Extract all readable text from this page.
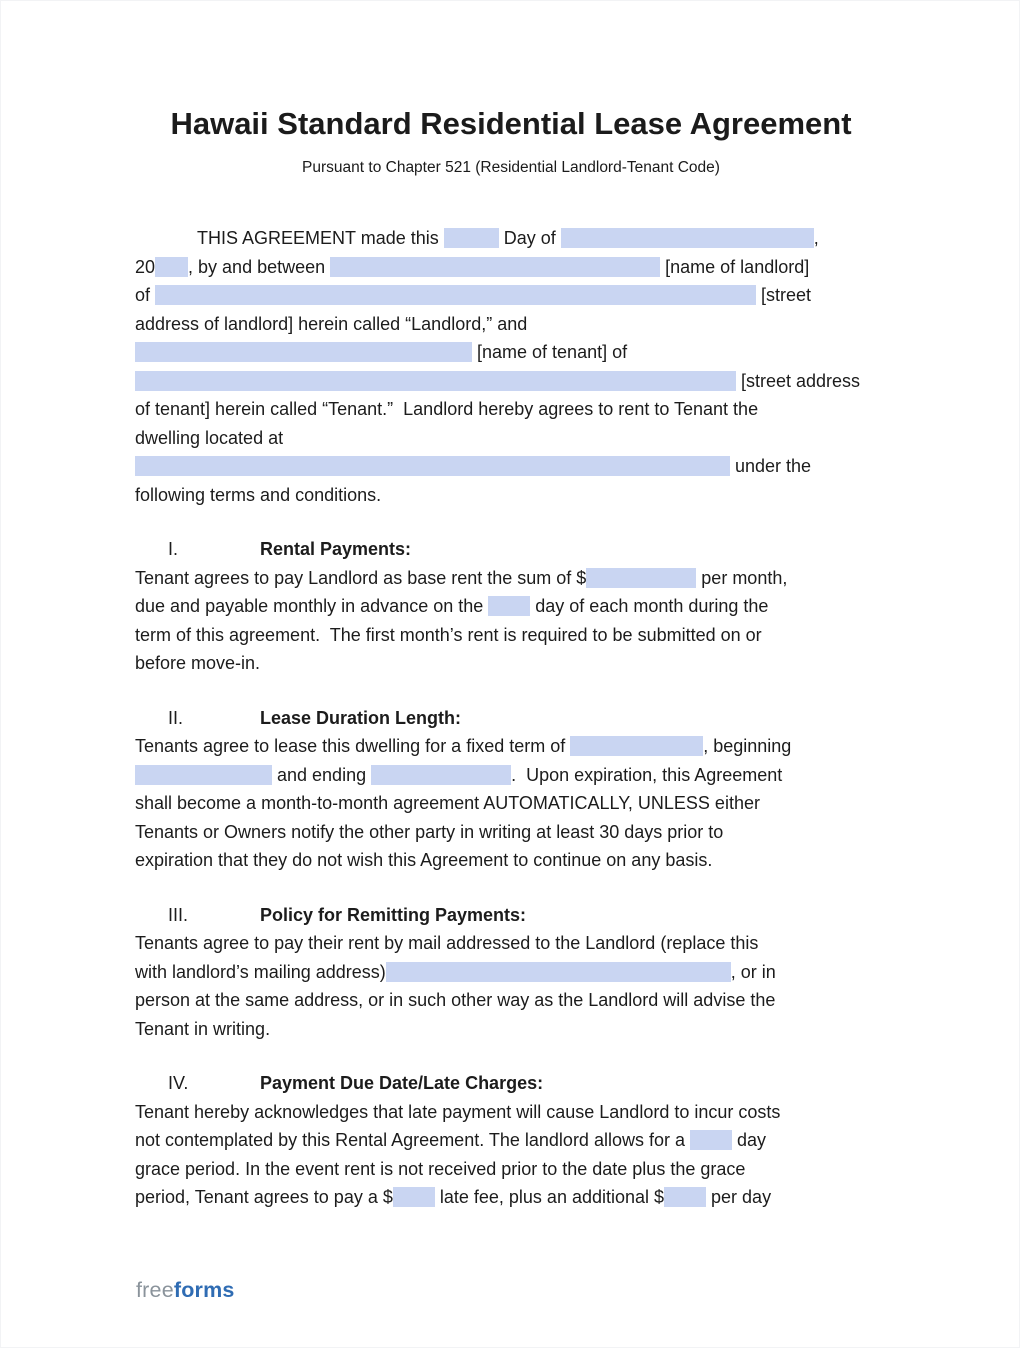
Hawaii Standard Residential Lease Agreement
Pursuant to Chapter 521 (Residential Landlord-Tenant Code)
THIS AGREEMENT made this	Day of	,
20 , by and between	[name of landlord]
of	[street
address of landlord] herein called “Landlord,” and
[name of tenant] of
[street address
of tenant] herein called “Tenant.”  Landlord hereby agrees to rent to Tenant the
dwelling located at
under the
following terms and conditions.
I.	Rental Payments:
Tenant agrees to pay Landlord as base rent the sum of $	per month,
due and payable monthly in advance on the  day of each month during the
term of this agreement.  The first month’s rent is required to be submitted on or
before move-in.
II.	Lease Duration Length:
Tenants agree to lease this dwelling for a fixed term of	, beginning
and ending	.  Upon expiration, this Agreement
shall become a month-to-month agreement AUTOMATICALLY, UNLESS either
Tenants or Owners notify the other party in writing at least 30 days prior to
expiration that they do not wish this Agreement to continue on any basis.
III.	Policy for Remitting Payments:
Tenants agree to pay their rent by mail addressed to the Landlord (replace this
with landlord’s mailing address)	, or in
person at the same address, or in such other way as the Landlord will advise the
Tenant in writing.
IV.	Payment Due Date/Late Charges:
Tenant hereby acknowledges that late payment will cause Landlord to incur costs
not contemplated by this Rental Agreement. The landlord allows for a  day
grace period. In the event rent is not received prior to the date plus the grace
period, Tenant agrees to pay a $ late fee, plus an additional $ per day
freeforms
